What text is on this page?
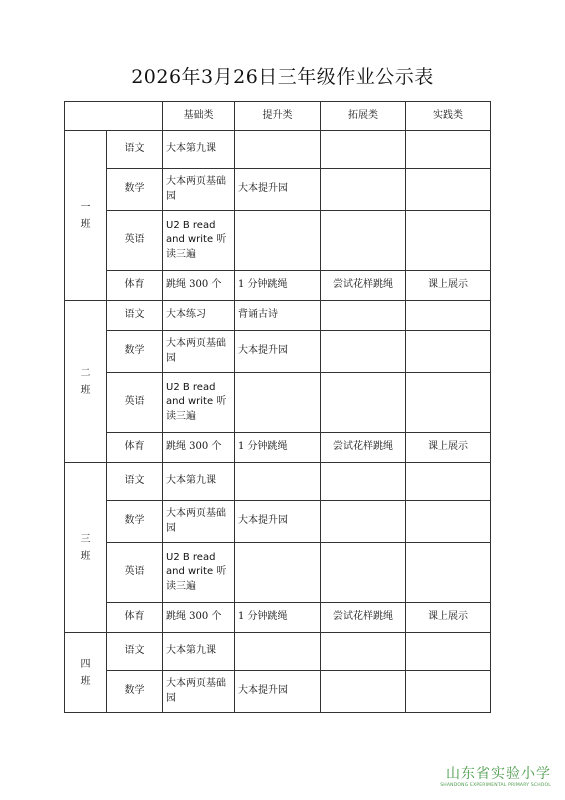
2026年3月26日三年级作业公示表
		基础类	提升类	拓展类	实践类

一
班	语文	大本第九课			
	数学	大本两页基础园	大本提升园		
	英语	U2 B read and write 听读三遍			
	体育	跳绳 300 个	1 分钟跳绳	尝试花样跳绳	课上展示

二
班	语文	大本练习	背诵古诗		
	数学	大本两页基础园	大本提升园		
	英语	U2 B read and write 听读三遍			
	体育	跳绳 300 个	1 分钟跳绳	尝试花样跳绳	课上展示

三
班	语文	大本第九课			
	数学	大本两页基础园	大本提升园		
	英语	U2 B read and write 听读三遍			
	体育	跳绳 300 个	1 分钟跳绳	尝试花样跳绳	课上展示

四
班	语文	大本第九课			
	数学	大本两页基础园	大本提升园		
山东省实验小学
SHANDONG EXPERIMENTAL PRIMARY SCHOOL
